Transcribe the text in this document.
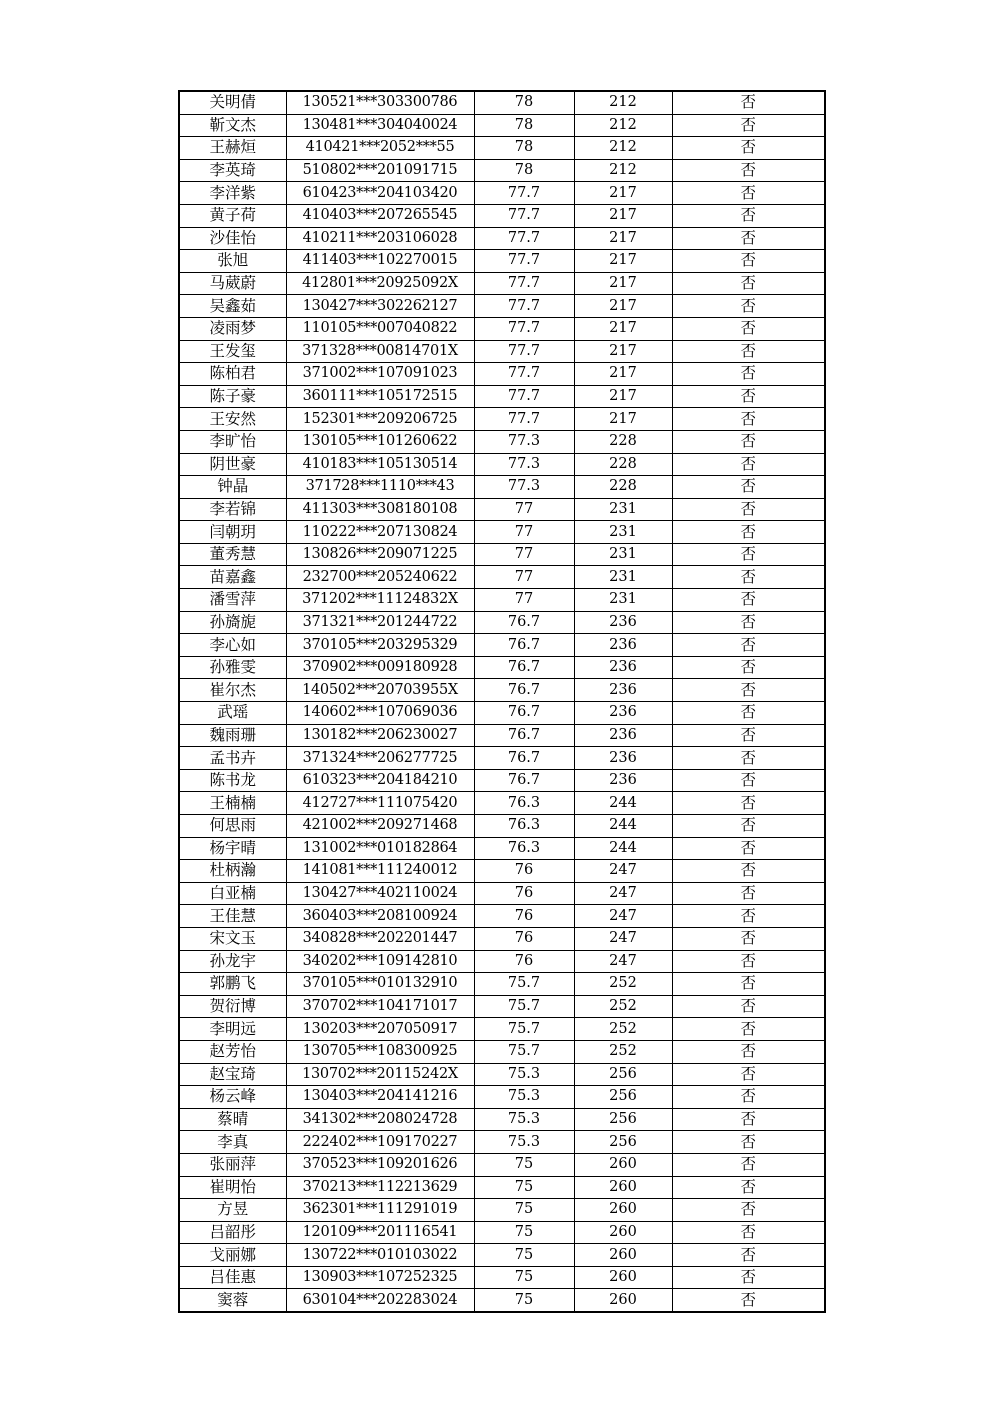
关明倩	130521***303300786	78	212	否
靳文杰	130481***304040024	78	212	否
王赫烜	410421***2052***55	78	212	否
李英琦	510802***201091715	78	212	否
李洋紫	610423***204103420	77.7	217	否
黄子荷	410403***207265545	77.7	217	否
沙佳怡	410211***203106028	77.7	217	否
张旭	411403***102270015	77.7	217	否
马葳蔚	412801***20925092X	77.7	217	否
吴鑫茹	130427***302262127	77.7	217	否
凌雨梦	110105***007040822	77.7	217	否
王发玺	371328***00814701X	77.7	217	否
陈柏君	371002***107091023	77.7	217	否
陈子豪	360111***105172515	77.7	217	否
王安然	152301***209206725	77.7	217	否
李旷怡	130105***101260622	77.3	228	否
阴世豪	410183***105130514	77.3	228	否
钟晶	371728***1110***43	77.3	228	否
李若锦	411303***308180108	77	231	否
闫朝玥	110222***207130824	77	231	否
董秀慧	130826***209071225	77	231	否
苗嘉鑫	232700***205240622	77	231	否
潘雪萍	371202***11124832X	77	231	否
孙旖旎	371321***201244722	76.7	236	否
李心如	370105***203295329	76.7	236	否
孙雅雯	370902***009180928	76.7	236	否
崔尔杰	140502***20703955X	76.7	236	否
武瑶	140602***107069036	76.7	236	否
魏雨珊	130182***206230027	76.7	236	否
孟书卉	371324***206277725	76.7	236	否
陈书龙	610323***204184210	76.7	236	否
王楠楠	412727***111075420	76.3	244	否
何思雨	421002***209271468	76.3	244	否
杨宇晴	131002***010182864	76.3	244	否
杜柄瀚	141081***111240012	76	247	否
白亚楠	130427***402110024	76	247	否
王佳慧	360403***208100924	76	247	否
宋文玉	340828***202201447	76	247	否
孙龙宇	340202***109142810	76	247	否
郭鹏飞	370105***010132910	75.7	252	否
贺衍博	370702***104171017	75.7	252	否
李明远	130203***207050917	75.7	252	否
赵芳怡	130705***108300925	75.7	252	否
赵宝琦	130702***20115242X	75.3	256	否
杨云峰	130403***204141216	75.3	256	否
蔡晴	341302***208024728	75.3	256	否
李真	222402***109170227	75.3	256	否
张丽萍	370523***109201626	75	260	否
崔明怡	370213***112213629	75	260	否
方昱	362301***111291019	75	260	否
吕韶彤	120109***201116541	75	260	否
戈丽娜	130722***010103022	75	260	否
吕佳惠	130903***107252325	75	260	否
窦蓉	630104***202283024	75	260	否
